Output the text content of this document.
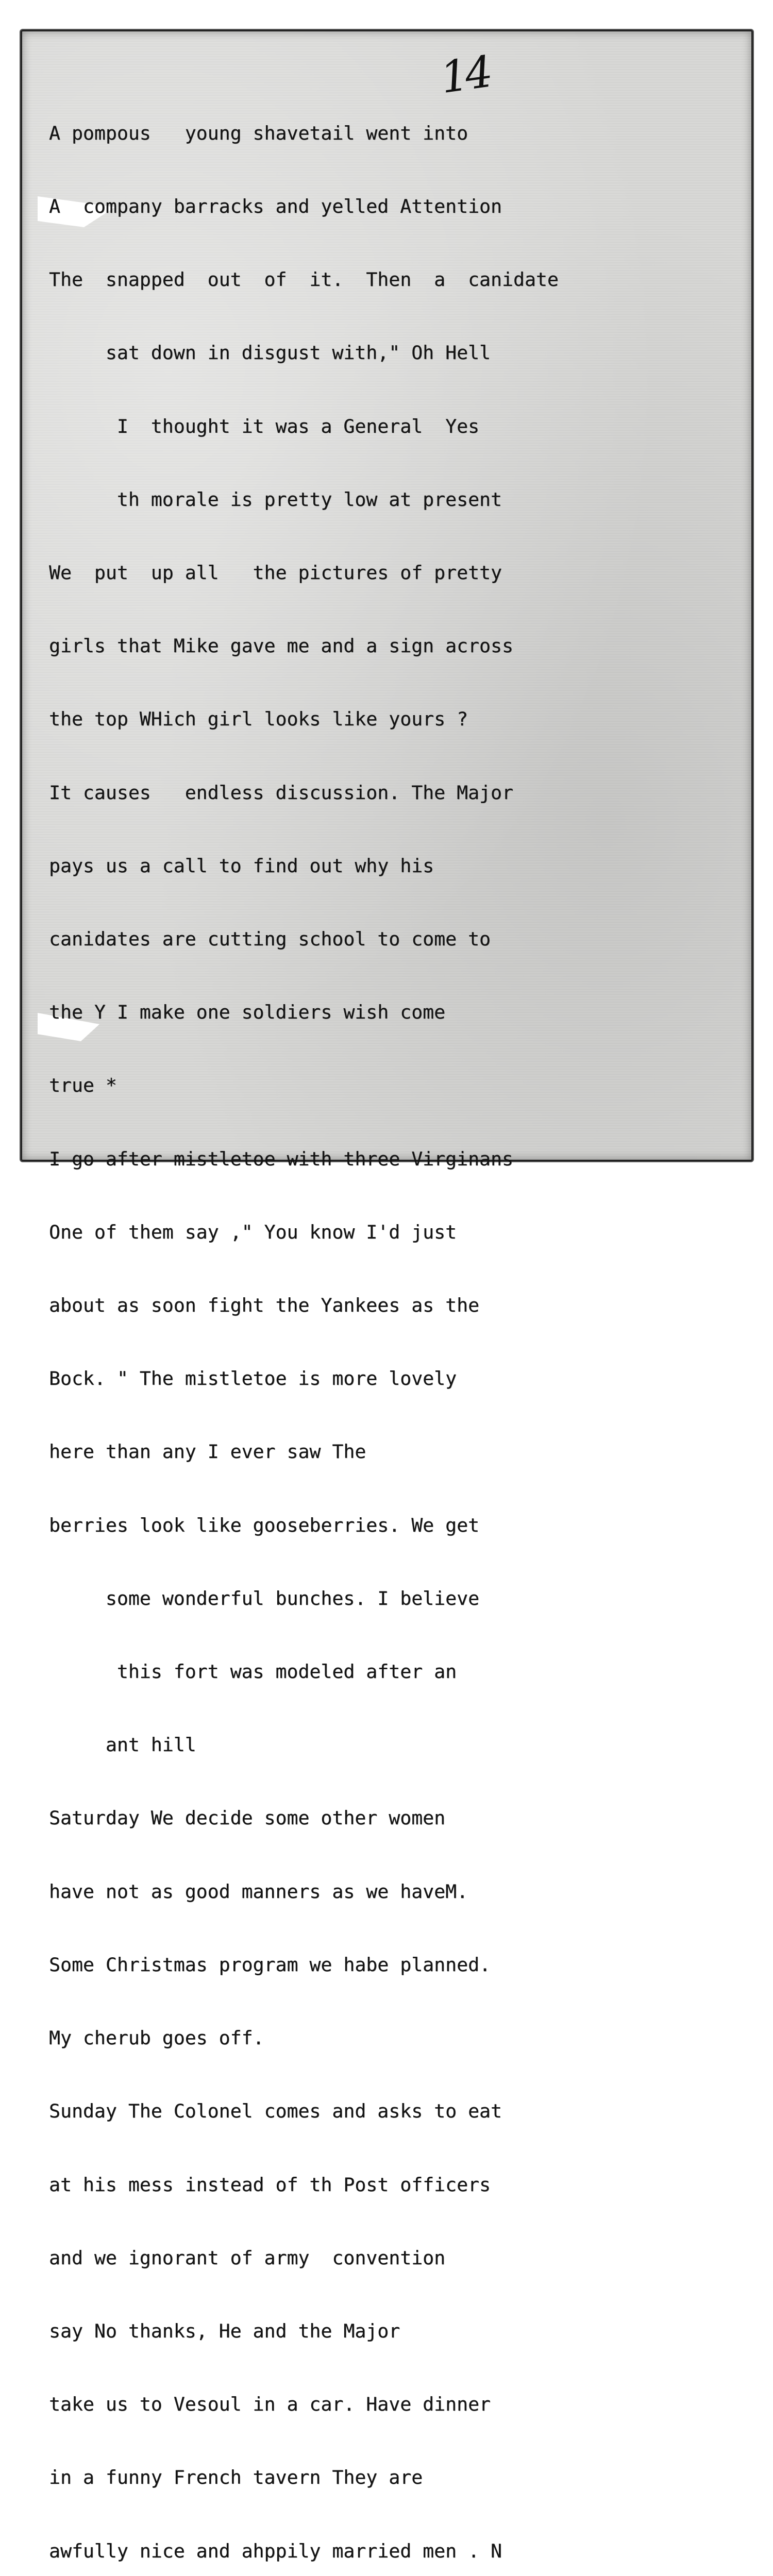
14

A pompous   young shavetail went into

A  company barracks and yelled Attention

The  snapped  out  of  it.  Then  a  canidate

sat down in disgust with," Oh Hell

I  thought it was a General  Yes

th morale is pretty low at present

We  put  up all   the pictures of pretty

girls that Mike gave me and a sign across

the top WHich girl looks like yours ?

It causes   endless discussion. The Major

pays us a call to find out why his

canidates are cutting school to come to

the Y I make one soldiers wish come

true *

I go after mistletoe with three Virginans

One of them say ," You know I'd just

about as soon fight the Yankees as the

Bock. " The mistletoe is more lovely

here than any I ever saw The

berries look like gooseberries. We get

some wonderful bunches. I believe

this fort was modeled after an

ant hill

Saturday We decide some other women

have not as good manners as we haveM.

Some Christmas program we habe planned.

My cherub goes off.

Sunday The Colonel comes and asks to eat

at his mess instead of th Post officers

and we ignorant of army  convention

say No thanks, He and the Major

take us to Vesoul in a car. Have dinner

in a funny French tavern They are

awfully nice and ahppily married men . N
